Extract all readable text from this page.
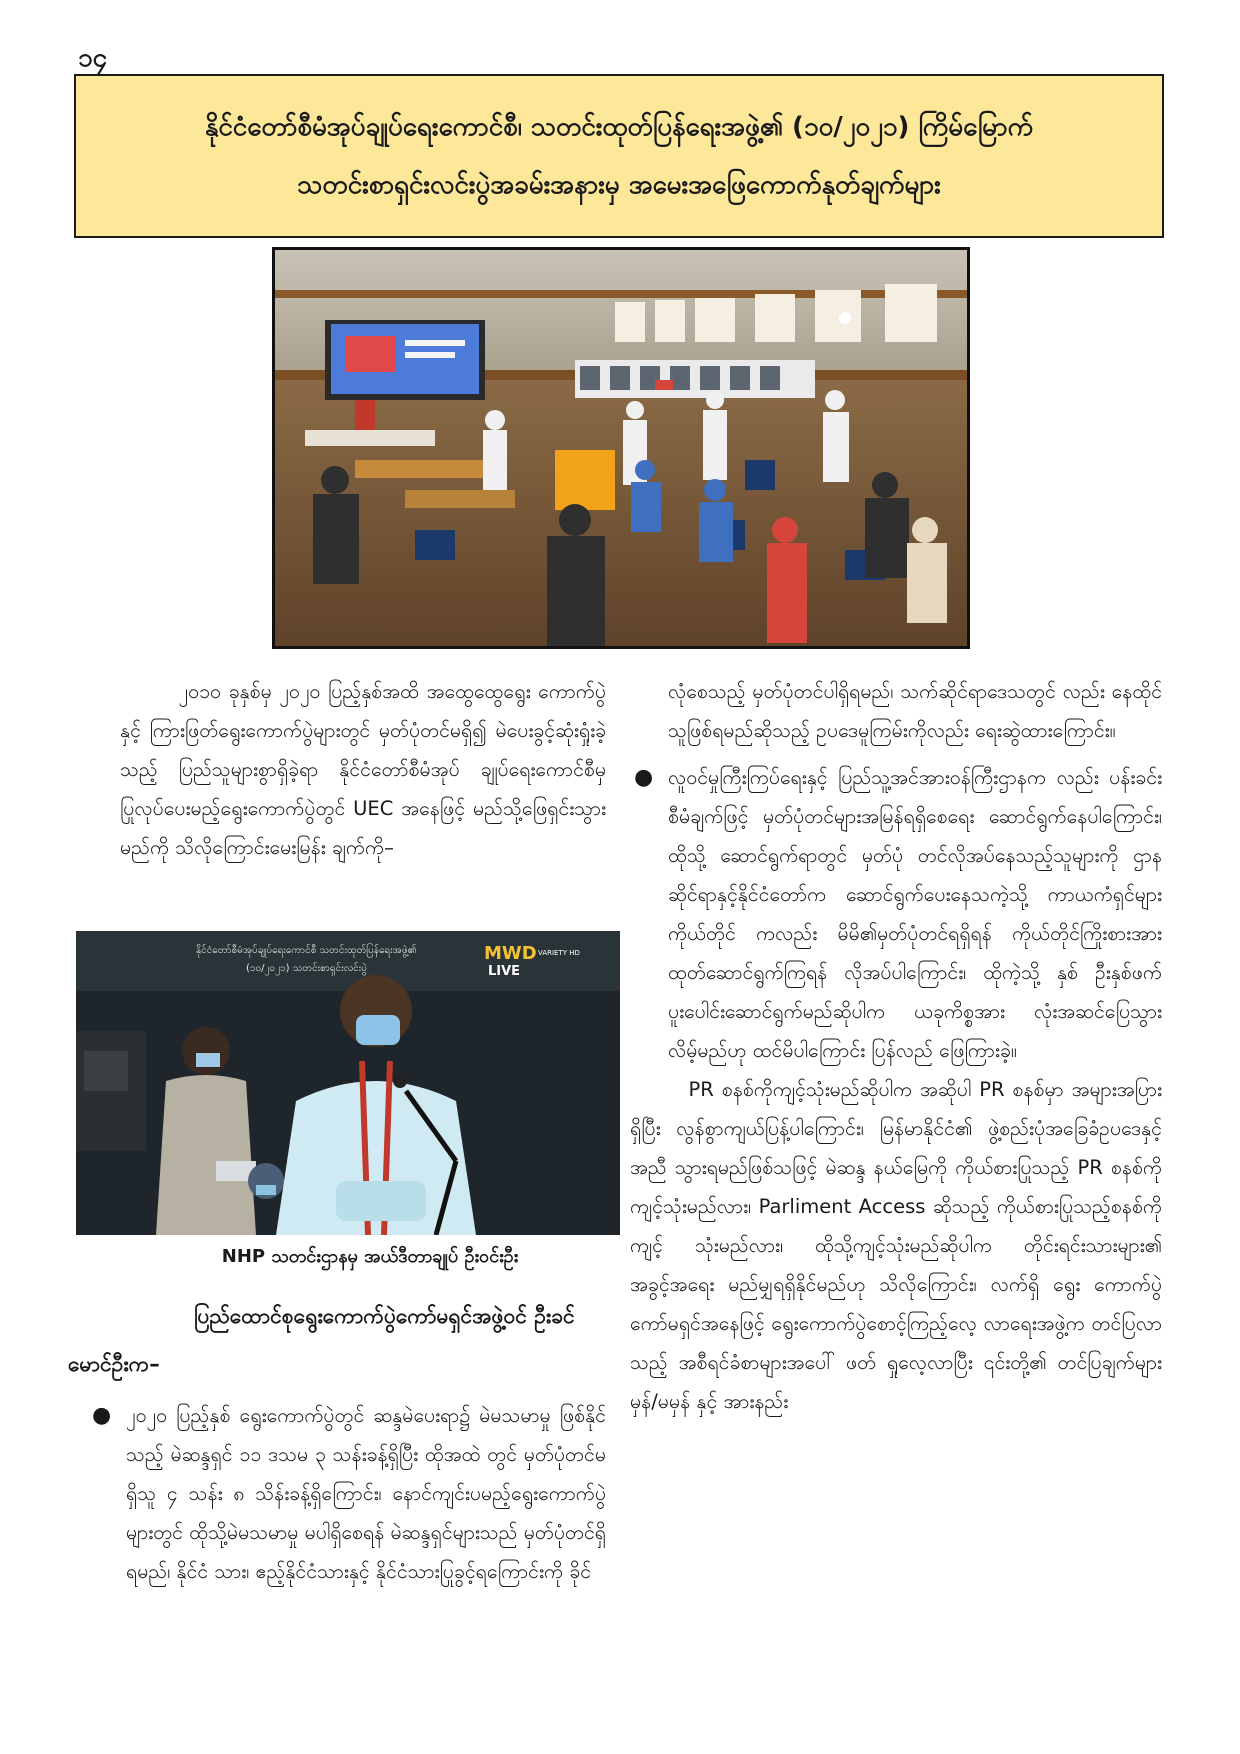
၁၄
နိုင်ငံတော်စီမံအုပ်ချုပ်ရေးကောင်စီ၊ သတင်းထုတ်ပြန်ရေးအဖွဲ့၏ (၁၀/၂၀၂၁) ကြိမ်မြောက်
သတင်းစာရှင်းလင်းပွဲအခမ်းအနားမှ အမေးအဖြေကောက်နုတ်ချက်များ

၂၀၁၀ ခုနှစ်မှ ၂၀၂၀ ပြည့်နှစ်အထိ အထွေထွေရွေး ကောက်ပွဲနှင့် ကြားဖြတ်ရွေးကောက်ပွဲများတွင် မှတ်ပုံတင်မရှိ၍ မဲပေးခွင့်ဆုံးရှုံးခဲ့သည့် ပြည်သူများစွာရှိခဲ့ရာ နိုင်ငံတော်စီမံအုပ် ချုပ်ရေးကောင်စီမှ ပြုလုပ်ပေးမည့်ရွေးကောက်ပွဲတွင် UEC အနေဖြင့် မည်သို့ဖြေရှင်းသွားမည်ကို သိလိုကြောင်းမေးမြန်း ချက်ကို–

နိုင်ငံတော်စီမံအုပ်ချုပ်ရေးကောင်စီ သတင်းထုတ်ပြန်ရေးအဖွဲ့၏
(၁၀/၂၀၂၁) သတင်းစာရှင်းလင်းပွဲ
MWD VARIETY HD
LIVE
NHP သတင်းဌာနမှ အယ်ဒီတာချုပ် ဦးဝင်းဦး
ပြည်ထောင်စုရွေးကောက်ပွဲကော်မရှင်အဖွဲ့ဝင် ဦးခင်
မောင်ဦးက–
● ၂၀၂၀ ပြည့်နှစ် ရွေးကောက်ပွဲတွင် ဆန္ဒမဲပေးရာ၌ မဲမသမာမှု ဖြစ်နိုင်သည့် မဲဆန္ဒရှင် ၁၁ ဒသမ ၃ သန်းခန့်ရှိပြီး ထိုအထဲ တွင် မှတ်ပုံတင်မရှိသူ ၄ သန်း ၈ သိန်းခန့်ရှိကြောင်း၊ နောင်ကျင်းပမည့်ရွေးကောက်ပွဲများတွင် ထိုသို့မဲမသမာမှု မပါရှိစေရန် မဲဆန္ဒရှင်များသည် မှတ်ပုံတင်ရှိရမည်၊ နိုင်ငံ သား၊ ဧည့်နိုင်ငံသားနှင့် နိုင်ငံသားပြုခွင့်ရကြောင်းကို ခိုင်

လုံစေသည့် မှတ်ပုံတင်ပါရှိရမည်၊ သက်ဆိုင်ရာဒေသတွင် လည်း နေထိုင်သူဖြစ်ရမည်ဆိုသည့် ဥပဒေမူကြမ်းကိုလည်း ရေးဆွဲထားကြောင်း။

● လူဝင်မှုကြီးကြပ်ရေးနှင့် ပြည်သူ့အင်အားဝန်ကြီးဌာနက လည်း ပန်းခင်းစီမံချက်ဖြင့် မှတ်ပုံတင်များအမြန်ရရှိစေရေး ဆောင်ရွက်နေပါကြောင်း၊ ထိုသို့ ဆောင်ရွက်ရာတွင် မှတ်ပုံ တင်လိုအပ်နေသည့်သူများကို ဌာနဆိုင်ရာနှင့်နိုင်ငံတော်က ဆောင်ရွက်ပေးနေသကဲ့သို့ ကာယကံရှင်များကိုယ်တိုင် ကလည်း မိမိ၏မှတ်ပုံတင်ရရှိရန် ကိုယ်တိုင်ကြိုးစားအား ထုတ်ဆောင်ရွက်ကြရန် လိုအပ်ပါကြောင်း၊ ထိုကဲ့သို့ နှစ် ဦးနှစ်ဖက်ပူးပေါင်းဆောင်ရွက်မည်ဆိုပါက ယခုကိစ္စအား လုံးအဆင်ပြေသွားလိမ့်မည်ဟု ထင်မိပါကြောင်း ပြန်လည် ဖြေကြားခဲ့။

PR စနစ်ကိုကျင့်သုံးမည်ဆိုပါက အဆိုပါ PR စနစ်မှာ အများအပြားရှိပြီး လွန်စွာကျယ်ပြန့်ပါကြောင်း၊ မြန်မာနိုင်ငံ၏ ဖွဲ့စည်းပုံအခြေခံဥပဒေနှင့်အညီ သွားရမည်ဖြစ်သဖြင့် မဲဆန္ဒ နယ်မြေကို ကိုယ်စားပြုသည့် PR စနစ်ကို ကျင့်သုံးမည်လား၊ Parliment Access ဆိုသည့် ကိုယ်စားပြုသည့်စနစ်ကို ကျင့် သုံးမည်လား၊ ထိုသို့ကျင့်သုံးမည်ဆိုပါက တိုင်းရင်းသားများ၏ အခွင့်အရေး မည်မျှရရှိနိုင်မည်ဟု သိလိုကြောင်း၊ လက်ရှိ ရွေး ကောက်ပွဲကော်မရှင်အနေဖြင့် ရွေးကောက်ပွဲစောင့်ကြည့်လေ့ လာရေးအဖွဲ့က တင်ပြလာသည့် အစီရင်ခံစာများအပေါ် ဖတ် ရှုလေ့လာပြီး ၎င်းတို့၏ တင်ပြချက်များ မှန်/မမှန် နှင့် အားနည်း
